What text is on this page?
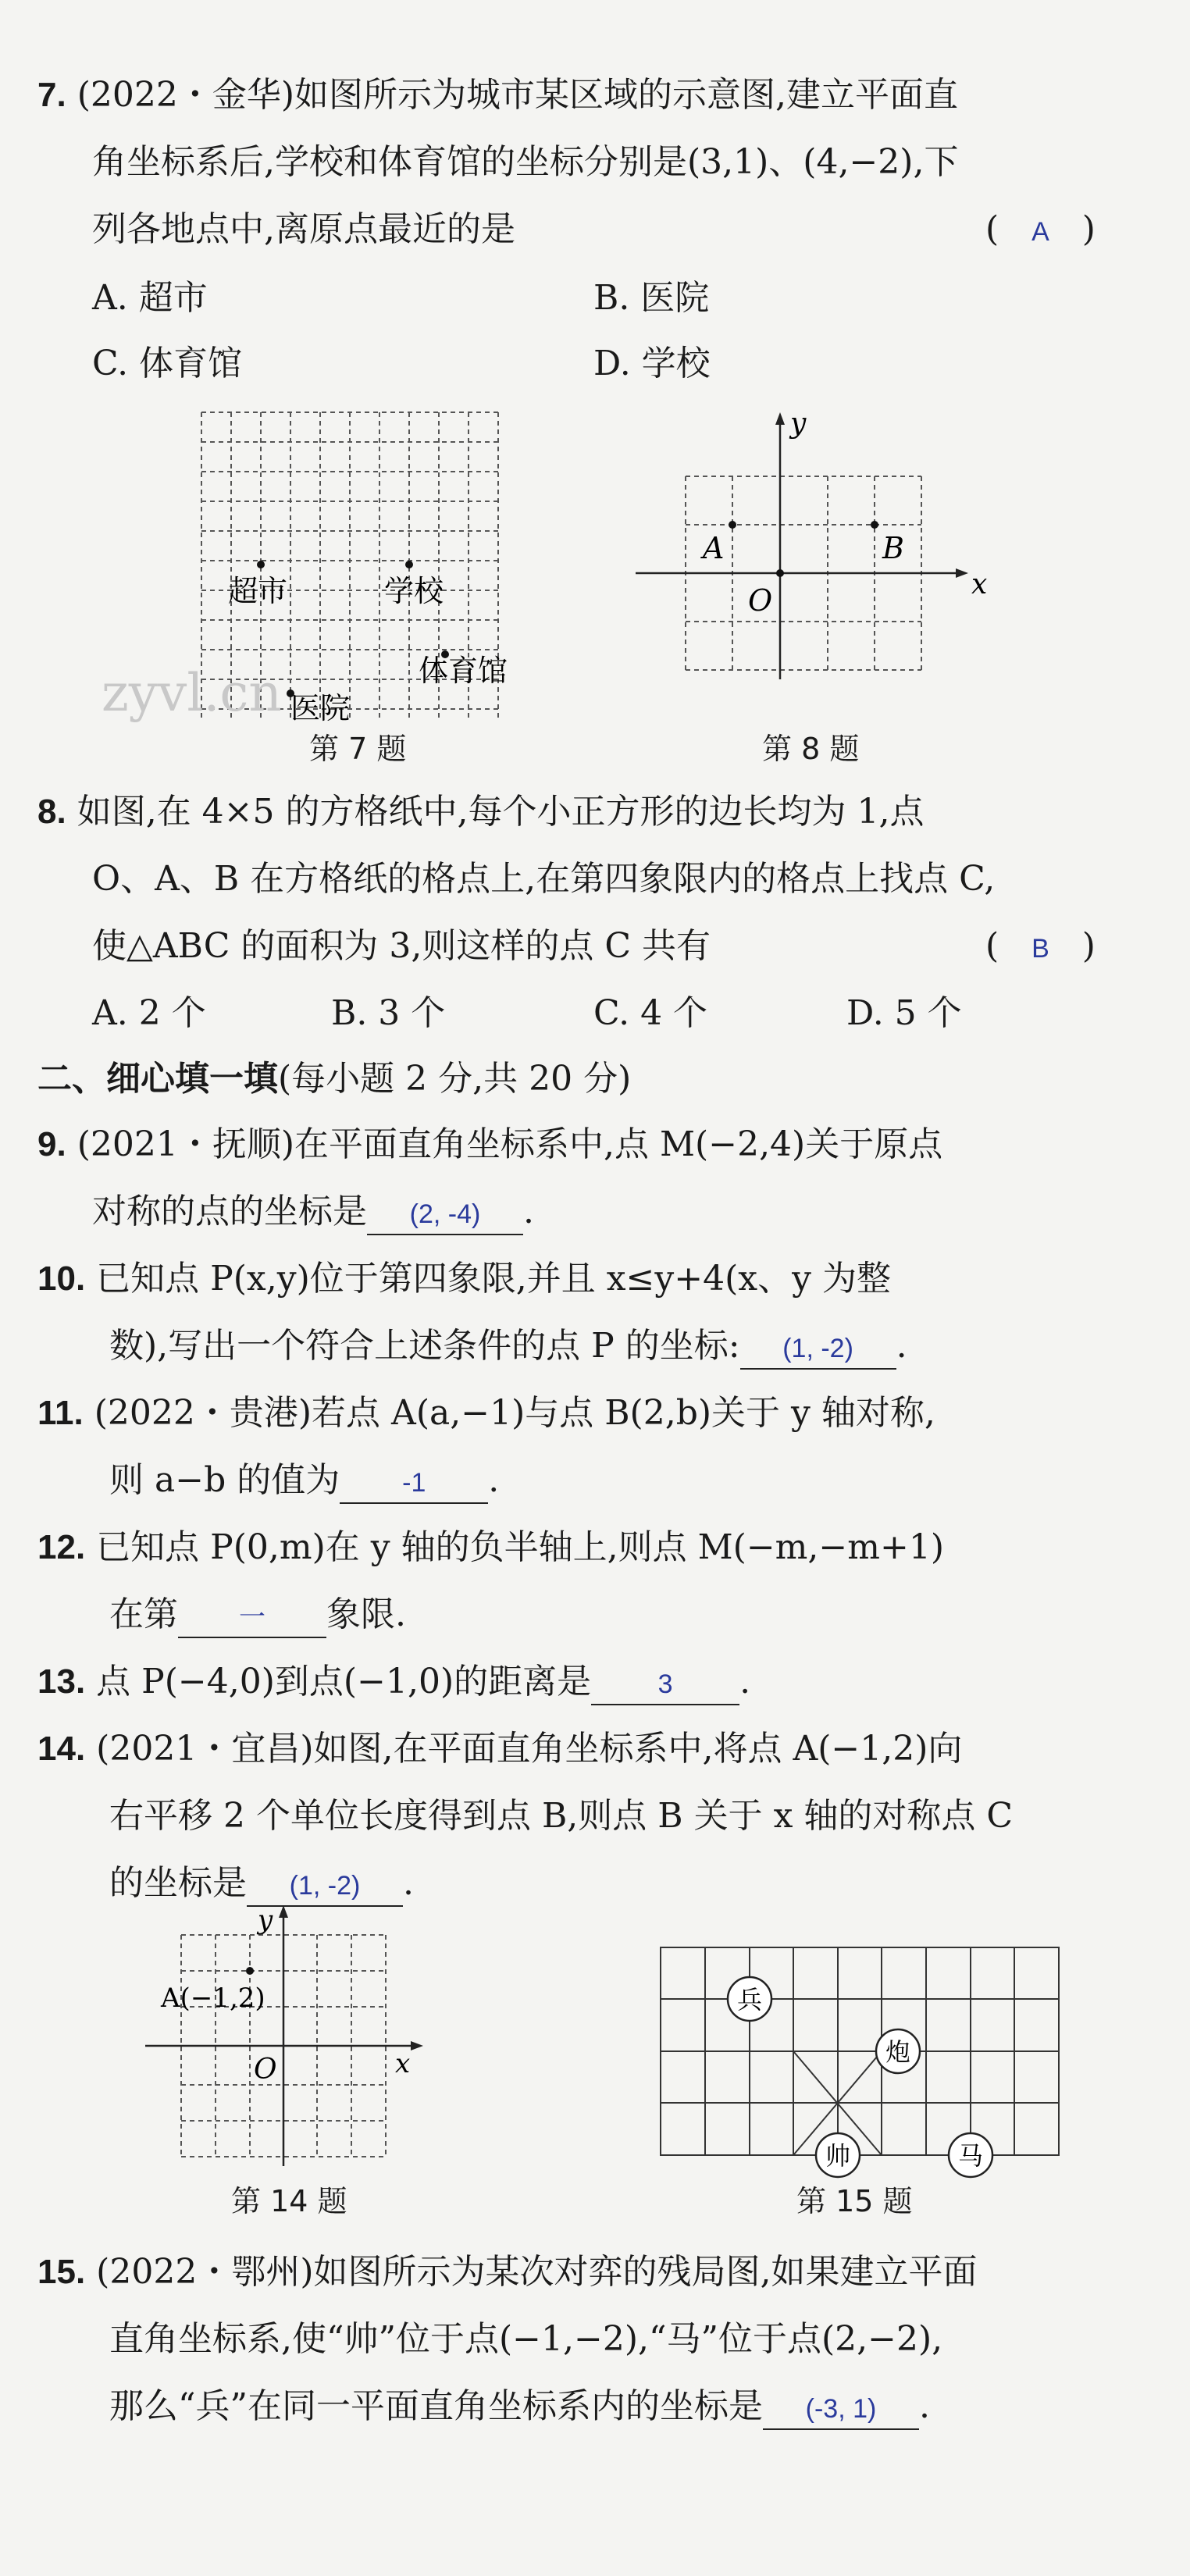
7. (2022・金华)如图所示为城市某区域的示意图,建立平面直
角坐标系后,学校和体育馆的坐标分别是(3,1)、(4,−2),下
列各地点中,离原点最近的是	(   A   )
A. 超市	B. 医院
C. 体育馆	D. 学校
超市	学校
体育馆
医院
zyvl.cn
第 7 题
A	B
O	x
y
第 8 题
8. 如图,在 4×5 的方格纸中,每个小正方形的边长均为 1,点
O、A、B 在方格纸的格点上,在第四象限内的格点上找点 C,
使△ABC 的面积为 3,则这样的点 C 共有	(   B   )
A. 2 个	B. 3 个	C. 4 个	D. 5 个
二、细心填一填(每小题 2 分,共 20 分)
9. (2021・抚顺)在平面直角坐标系中,点 M(−2,4)关于原点
对称的点的坐标是 (2, -4) .
10. 已知点 P(x,y)位于第四象限,并且 x≤y+4(x、y 为整
数),写出一个符合上述条件的点 P 的坐标: (1, -2) .
11. (2022・贵港)若点 A(a,−1)与点 B(2,b)关于 y 轴对称,
则 a−b 的值为 -1 .
12. 已知点 P(0,m)在 y 轴的负半轴上,则点 M(−m,−m+1)
在第 一 象限.
13. 点 P(−4,0)到点(−1,0)的距离是	3 .
14. (2021・宜昌)如图,在平面直角坐标系中,将点 A(−1,2)向
右平移 2 个单位长度得到点 B,则点 B 关于 x 轴的对称点 C
的坐标是 (1, -2) .
A(−1,2)
O	x
y
第 14 题
兵
炮
帅	马
第 15 题
15. (2022・鄂州)如图所示为某次对弈的残局图,如果建立平面
直角坐标系,使“帅”位于点(−1,−2),“马”位于点(2,−2),
那么“兵”在同一平面直角坐标系内的坐标是 (-3, 1) .
